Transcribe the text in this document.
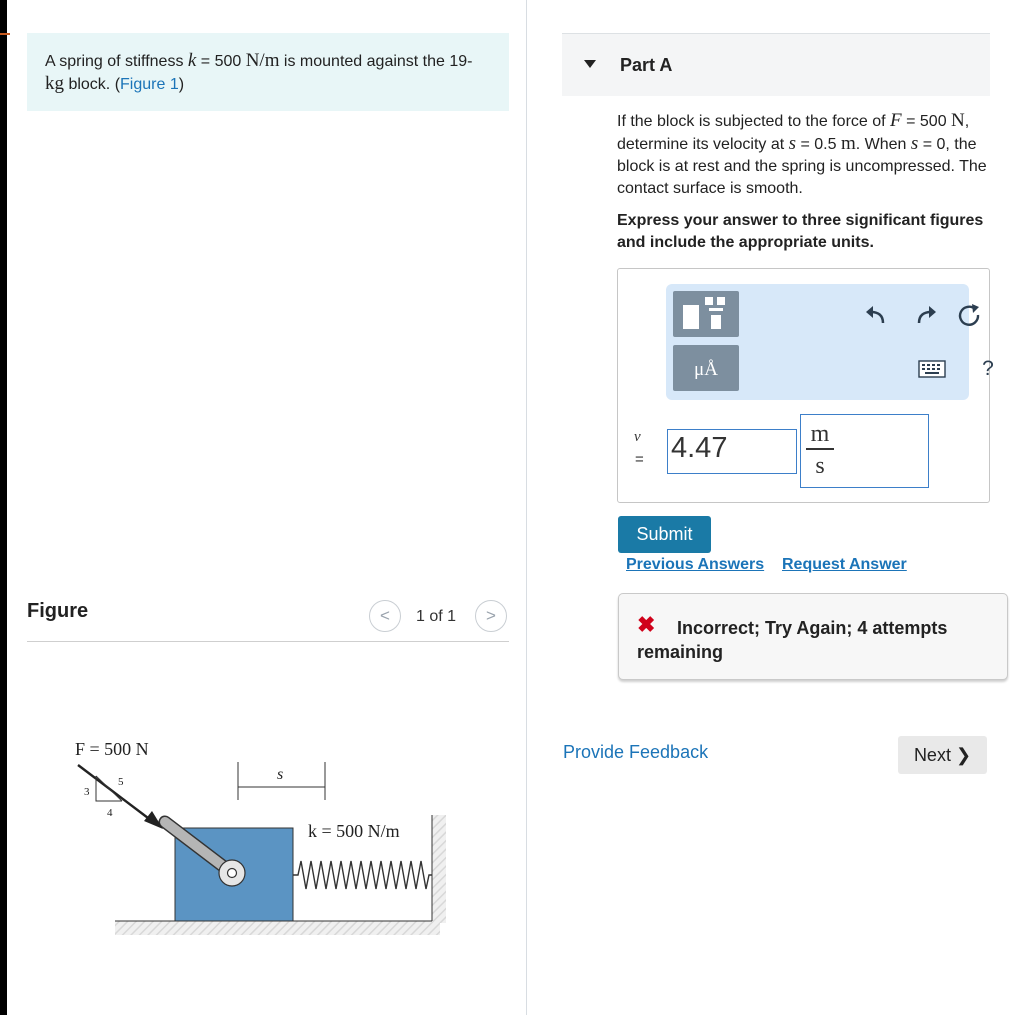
A spring of stiffness k = 500 N/m is mounted against the 19-kg block. (Figure 1)
Figure	<	1 of 1	>
5
3
4
F = 500 N
s
k = 500 N/m
Part A
If the block is subjected to the force of F = 500 N, determine its velocity at s = 0.5 m. When s = 0, the block is at rest and the spring is uncompressed. The contact surface is smooth.
Express your answer to three significant figures and include the appropriate units.
μÅ	?
v
= 4.47	$\frac{m}{s}$
Submit
Previous Answers Request Answer
✖	Incorrect; Try Again; 4 attempts remaining
Provide Feedback	Next ❯
